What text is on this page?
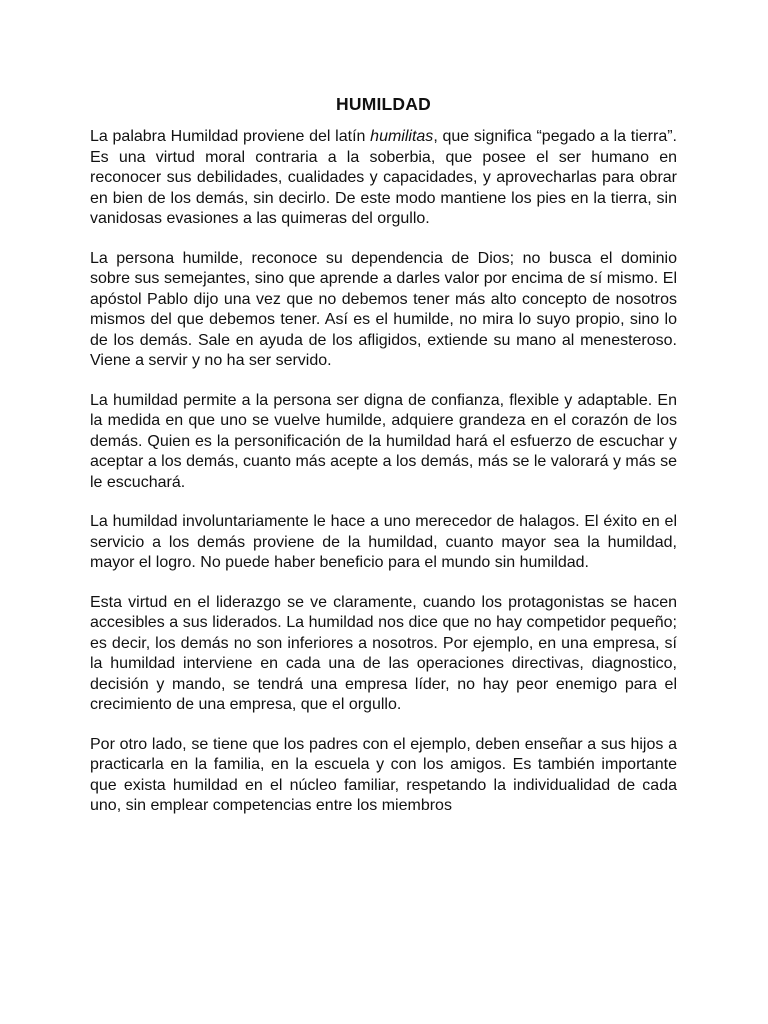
HUMILDAD

La palabra Humildad proviene del latín humilitas, que significa “pegado a la tierra”. Es una virtud moral contraria a la soberbia, que posee el ser humano en reconocer sus debilidades, cualidades y capacidades, y aprovecharlas para obrar en bien de los demás, sin decirlo. De este modo mantiene los pies en la tierra, sin vanidosas evasiones a las quimeras del orgullo.

La persona humilde, reconoce su dependencia de Dios; no busca el dominio sobre sus semejantes, sino que aprende a darles valor por encima de sí mismo. El apóstol Pablo dijo una vez que no debemos tener más alto concepto de nosotros mismos del que debemos tener. Así es el humilde, no mira lo suyo propio, sino lo de los demás. Sale en ayuda de los afligidos, extiende su mano al menesteroso. Viene a servir y no ha ser servido.

La humildad permite a la persona ser digna de confianza, flexible y adaptable. En la medida en que uno se vuelve humilde, adquiere grandeza en el corazón de los demás. Quien es la personificación de la humildad hará el esfuerzo de escuchar y aceptar a los demás, cuanto más acepte a los demás, más se le valorará y más se le escuchará.

La humildad involuntariamente le hace a uno merecedor de halagos. El éxito en el servicio a los demás proviene de la humildad, cuanto mayor sea la humildad, mayor el logro. No puede haber beneficio para el mundo sin humildad.

Esta virtud en el liderazgo se ve claramente, cuando los protagonistas se hacen accesibles a sus liderados. La humildad nos dice que no hay competidor pequeño; es decir, los demás no son inferiores a nosotros. Por ejemplo, en una empresa, sí la humildad interviene en cada una de las operaciones directivas, diagnostico, decisión y mando, se tendrá una empresa líder, no hay peor enemigo para el crecimiento de una empresa, que el orgullo.

Por otro lado, se tiene que los padres con el ejemplo, deben enseñar a sus hijos a practicarla en la familia, en la escuela y con los amigos. Es también importante que exista humildad en el núcleo familiar, respetando la individualidad de cada uno, sin emplear competencias entre los miembros
